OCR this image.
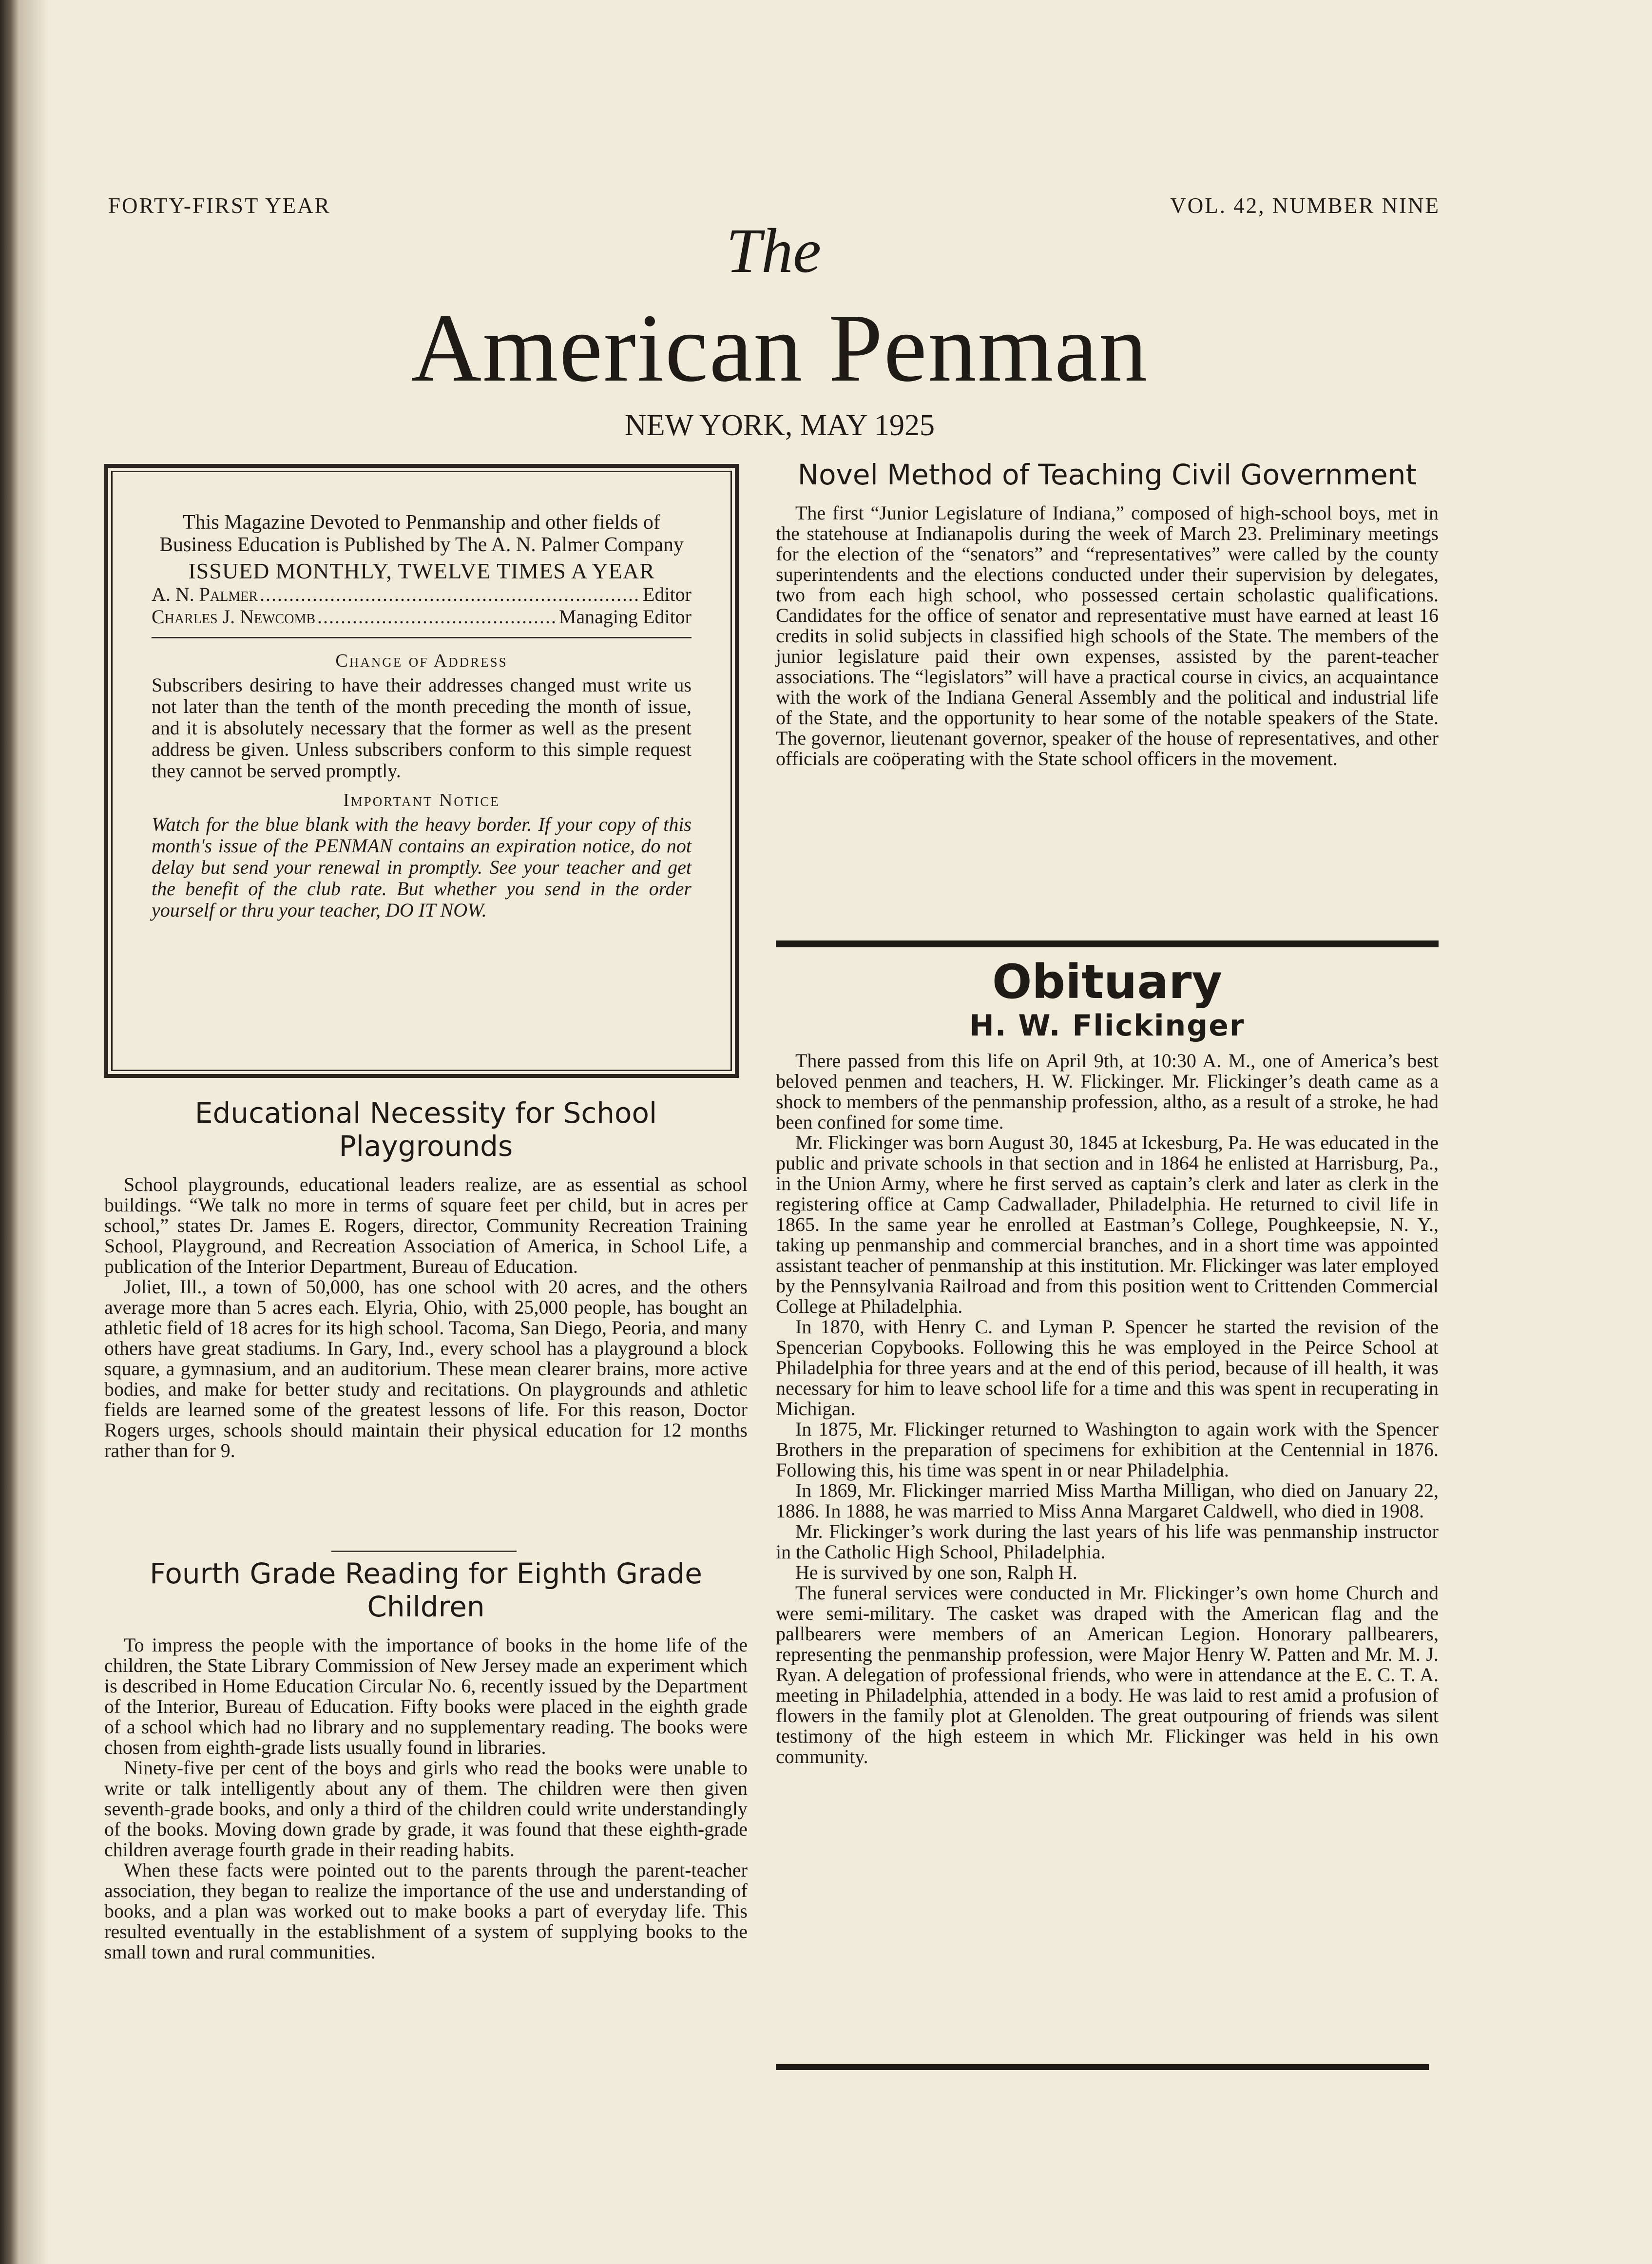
FORTY-FIRST YEAR	VOL. 42, NUMBER NINE
The
American Penman
NEW YORK, MAY 1925

This Magazine Devoted to Penmanship and other fields of Business Education is Published by The A. N. Palmer Company

ISSUED MONTHLY, TWELVE TIMES A YEAR

A. N. Palmer .....	Editor
Charles J. Newcomb .....	Managing Editor

Change of Address

Subscribers desiring to have their addresses changed must write us not later than the tenth of the month preceding the month of issue, and it is absolutely necessary that the former as well as the present address be given. Unless subscribers conform to this simple request they cannot be served promptly.

Important Notice

Watch for the blue blank with the heavy border. If your copy of this month's issue of the PENMAN contains an expiration notice, do not delay but send your renewal in promptly. See your teacher and get the benefit of the club rate. But whether you send in the order yourself or thru your teacher, DO IT NOW.

Educational Necessity for School Playgrounds

School playgrounds, educational leaders realize, are as essential as school buildings. “We talk no more in terms of square feet per child, but in acres per school,” states Dr. James E. Rogers, director, Community Recreation Training School, Playground, and Recreation Association of America, in School Life, a publication of the Interior Department, Bureau of Education.

Joliet, Ill., a town of 50,000, has one school with 20 acres, and the others average more than 5 acres each. Elyria, Ohio, with 25,000 people, has bought an athletic field of 18 acres for its high school. Tacoma, San Diego, Peoria, and many others have great stadiums. In Gary, Ind., every school has a playground a block square, a gymnasium, and an auditorium. These mean clearer brains, more active bodies, and make for better study and recitations. On playgrounds and athletic fields are learned some of the greatest lessons of life. For this reason, Doctor Rogers urges, schools should maintain their physical education for 12 months rather than for 9.

Fourth Grade Reading for Eighth Grade Children

To impress the people with the importance of books in the home life of the children, the State Library Commission of New Jersey made an experiment which is described in Home Education Circular No. 6, recently issued by the Department of the Interior, Bureau of Education. Fifty books were placed in the eighth grade of a school which had no library and no supplementary reading. The books were chosen from eighth-grade lists usually found in libraries.

Ninety-five per cent of the boys and girls who read the books were unable to write or talk intelligently about any of them. The children were then given seventh-grade books, and only a third of the children could write understandingly of the books. Moving down grade by grade, it was found that these eighth-grade children average fourth grade in their reading habits.

When these facts were pointed out to the parents through the parent-teacher association, they began to realize the importance of the use and understanding of books, and a plan was worked out to make books a part of everyday life. This resulted eventually in the establishment of a system of supplying books to the small town and rural communities.

Novel Method of Teaching Civil Government

The first “Junior Legislature of Indiana,” composed of high-school boys, met in the statehouse at Indianapolis during the week of March 23. Preliminary meetings for the election of the “senators” and “representatives” were called by the county superintendents and the elections conducted under their supervision by delegates, two from each high school, who possessed certain scholastic qualifications. Candidates for the office of senator and representative must have earned at least 16 credits in solid subjects in classified high schools of the State. The members of the junior legislature paid their own expenses, assisted by the parent-teacher associations. The “legislators” will have a practical course in civics, an acquaintance with the work of the Indiana General Assembly and the political and industrial life of the State, and the opportunity to hear some of the notable speakers of the State. The governor, lieutenant governor, speaker of the house of representatives, and other officials are coöperating with the State school officers in the movement.

Obituary
H. W. Flickinger

There passed from this life on April 9th, at 10:30 A. M., one of America’s best beloved penmen and teachers, H. W. Flickinger. Mr. Flickinger’s death came as a shock to members of the penmanship profession, altho, as a result of a stroke, he had been confined for some time.

Mr. Flickinger was born August 30, 1845 at Ickesburg, Pa. He was educated in the public and private schools in that section and in 1864 he enlisted at Harrisburg, Pa., in the Union Army, where he first served as captain’s clerk and later as clerk in the registering office at Camp Cadwallader, Philadelphia. He returned to civil life in 1865. In the same year he enrolled at Eastman’s College, Poughkeepsie, N. Y., taking up penmanship and commercial branches, and in a short time was appointed assistant teacher of penmanship at this institution. Mr. Flickinger was later employed by the Pennsylvania Railroad and from this position went to Crittenden Commercial College at Philadelphia.

In 1870, with Henry C. and Lyman P. Spencer he started the revision of the Spencerian Copybooks. Following this he was employed in the Peirce School at Philadelphia for three years and at the end of this period, because of ill health, it was necessary for him to leave school life for a time and this was spent in recuperating in Michigan.

In 1875, Mr. Flickinger returned to Washington to again work with the Spencer Brothers in the preparation of specimens for exhibition at the Centennial in 1876. Following this, his time was spent in or near Philadelphia.

In 1869, Mr. Flickinger married Miss Martha Milligan, who died on January 22, 1886. In 1888, he was married to Miss Anna Margaret Caldwell, who died in 1908.

Mr. Flickinger’s work during the last years of his life was penmanship instructor in the Catholic High School, Philadelphia.

He is survived by one son, Ralph H.

The funeral services were conducted in Mr. Flickinger’s own home Church and were semi-military. The casket was draped with the American flag and the pallbearers were members of an American Legion. Honorary pallbearers, representing the penmanship profession, were Major Henry W. Patten and Mr. M. J. Ryan. A delegation of professional friends, who were in attendance at the E. C. T. A. meeting in Philadelphia, attended in a body. He was laid to rest amid a profusion of flowers in the family plot at Glenolden. The great outpouring of friends was silent testimony of the high esteem in which Mr. Flickinger was held in his own community.
